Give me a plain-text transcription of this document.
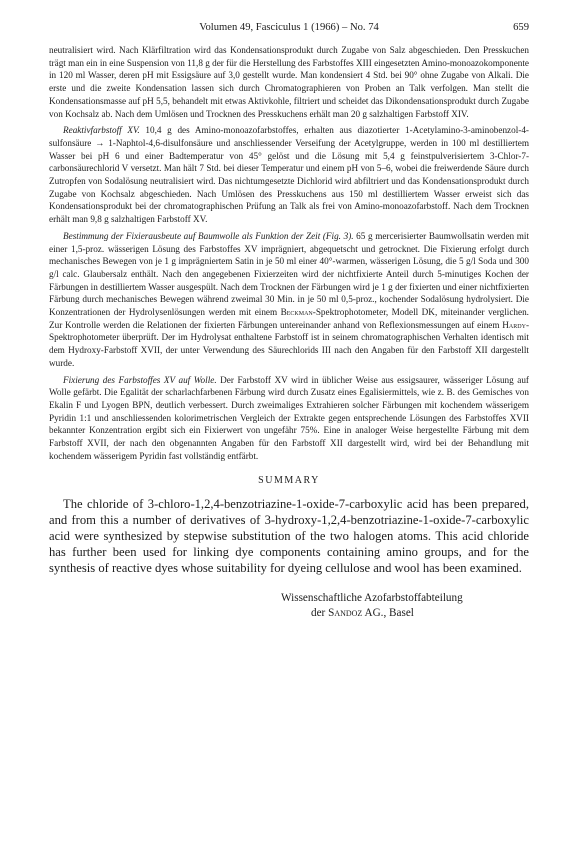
Volumen 49, Fasciculus 1 (1966) – No. 74	659

neutralisiert wird. Nach Klärfiltration wird das Kondensationsprodukt durch Zugabe von Salz abgeschieden. Den Presskuchen trägt man ein in eine Suspension von 11,8 g der für die Herstellung des Farbstoffes XIII eingesetzten Amino-monoazokomponente in 120 ml Wasser, deren pH mit Essigsäure auf 3,0 gestellt wurde. Man kondensiert 4 Std. bei 90° ohne Zugabe von Alkali. Die erste und die zweite Kondensation lassen sich durch Chromatographieren von Proben an Talk verfolgen. Man stellt die Kondensationsmasse auf pH 5,5, behandelt mit etwas Aktivkohle, filtriert und scheidet das Dikondensationsprodukt durch Zugabe von Kochsalz ab. Nach dem Umlösen und Trocknen des Presskuchens erhält man 20 g salzhaltigen Farbstoff XIV.

Reaktivfarbstoff XV. 10,4 g des Amino-monoazofarbstoffes, erhalten aus diazotierter 1-Acetylamino-3-aminobenzol-4-sulfonsäure → 1-Naphtol-4,6-disulfonsäure und anschliessender Verseifung der Acetylgruppe, werden in 100 ml destilliertem Wasser bei pH 6 und einer Badtemperatur von 45° gelöst und die Lösung mit 5,4 g feinstpulverisiertem 3-Chlor-7-carbonsäurechlorid V versetzt. Man hält 7 Std. bei dieser Temperatur und einem pH von 5–6, wobei die freiwerdende Säure durch Zutropfen von Sodalösung neutralisiert wird. Das nichtumgesetzte Dichlorid wird abfiltriert und das Kondensationsprodukt durch Zugabe von Kochsalz abgeschieden. Nach Umlösen des Presskuchens aus 150 ml destilliertem Wasser erweist sich das Kondensationsprodukt bei der chromatographischen Prüfung an Talk als frei von Amino-monoazofarbstoff. Nach dem Trocknen erhält man 9,8 g salzhaltigen Farbstoff XV.

Bestimmung der Fixierausbeute auf Baumwolle als Funktion der Zeit (Fig. 3). 65 g mercerisierter Baumwollsatin werden mit einer 1,5-proz. wässerigen Lösung des Farbstoffes XV imprägniert, abgequetscht und getrocknet. Die Fixierung erfolgt durch mechanisches Bewegen von je 1 g imprägniertem Satin in je 50 ml einer 40°-warmen, wässerigen Lösung, die 5 g/l Soda und 300 g/l calc. Glaubersalz enthält. Nach den angegebenen Fixierzeiten wird der nichtfixierte Anteil durch 5-minutiges Kochen der Färbungen in destilliertem Wasser ausgespült. Nach dem Trocknen der Färbungen wird je 1 g der fixierten und einer nichtfixierten Färbung durch mechanisches Bewegen während zweimal 30 Min. in je 50 ml 0,5-proz., kochender Sodalösung hydrolysiert. Die Konzentrationen der Hydrolysenlösungen werden mit einem Beckman-Spektrophotometer, Modell DK, miteinander verglichen. Zur Kontrolle werden die Relationen der fixierten Färbungen untereinander anhand von Reflexionsmessungen auf einem Hardy-Spektrophotometer überprüft. Der im Hydrolysat enthaltene Farbstoff ist in seinem chromatographischen Verhalten identisch mit dem Hydroxy-Farbstoff XVII, der unter Verwendung des Säurechlorids III nach den Angaben für den Farbstoff XII dargestellt wurde.

Fixierung des Farbstoffes XV auf Wolle. Der Farbstoff XV wird in üblicher Weise aus essigsaurer, wässeriger Lösung auf Wolle gefärbt. Die Egalität der scharlachfarbenen Färbung wird durch Zusatz eines Egalisiermittels, wie z. B. des Gemisches von Ekalin F und Lyogen BPN, deutlich verbessert. Durch zweimaliges Extrahieren solcher Färbungen mit kochendem wässerigem Pyridin 1:1 und anschliessenden kolorimetrischen Vergleich der Extrakte gegen entsprechende Lösungen des Farbstoffes XVII bekannter Konzentration ergibt sich ein Fixierwert von ungefähr 75%. Eine in analoger Weise hergestellte Färbung mit dem Farbstoff XVII, der nach den obgenannten Angaben für den Farbstoff XII dargestellt wird, wird bei der Behandlung mit kochendem wässerigem Pyridin fast vollständig entfärbt.

SUMMARY

The chloride of 3-chloro-1,2,4-benzotriazine-1-oxide-7-carboxylic acid has been prepared, and from this a number of derivatives of 3-hydroxy-1,2,4-benzotriazine-1-oxide-7-carboxylic acid were synthesized by stepwise substitution of the two halogen atoms. This acid chloride has further been used for linking dye components containing amino groups, and for the synthesis of reactive dyes whose suitability for dyeing cellulose and wool has been examined.

Wissenschaftliche Azofarbstoffabteilung
der Sandoz AG., Basel
